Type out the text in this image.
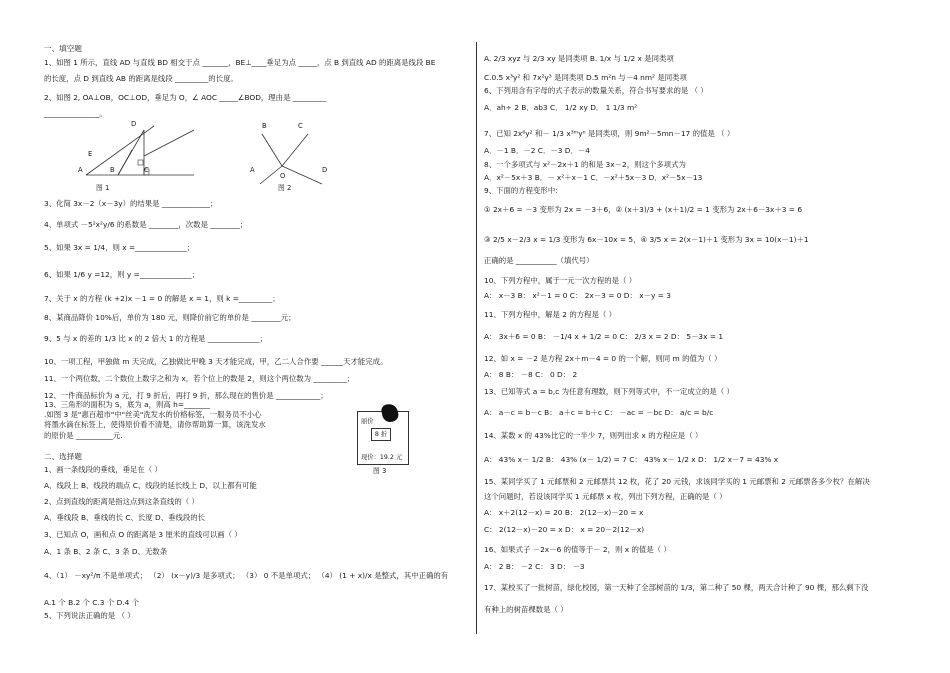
一、填空题
1、如图 1 所示，直线 AD 与直线 BD 相交于点 _______，BE⊥____垂足为点 _____，点 B 到直线 AD 的距离是线段 BE
的长度，点 D 到直线 AB 的距离是线段 _________的长度。
2、如图 2, OA⊥OB，OC⊥OD，垂足为 O，∠ AOC _____∠BOD，理由是 _________
_______________。
D
E
A	B	C
图 1
B	C
A	D
O
图 2
3、化简 3x－2（x－3y）的结果是 _____________；
4、单项式 －5²x²y/6 的系数是 ________，次数是 ________；
5、如果 3x = 1/4，则 x =______________；
6、如果 1/6 y =12，则 y =______________；
7、关于 x 的方程 (k +2)x －1 = 0 的解是 x = 1，则 k =_________；
8、某商品降价 10%后，单价为 180 元，则降价前它的单价是 ________元；
9、5 与 x 的差的 1/3 比 x 的 2 倍大 1 的方程是 ______________；
10、一项工程，甲独做 m 天完成，乙独做比甲晚 3 天才能完成，甲，乙二人合作要 ______天才能完成。
11、一个两位数，二个数位上数字之和为 x，若个位上的数是 2，则这个两位数为 _________；
12、一件商品标价为 a 元，打 9 折后，再打 9 折，那么现在的售价是 ____________；
13、三角形的面积为 S，底为 a，则高 h=_______
.如图 3 是"惠百超市"中"丝美"洗发水的价格标签，一服务员不小心
将墨水滴在标签上，使得原价看不清楚，请你帮助算一算，该洗发水
的原价是 __________元.
二、选择题
1、画一条线段的垂线，垂足在（ ）
A、线段上 B、线段的端点 C、线段的延长线上 D、以上都有可能
2、点到直线的距离是指这点到这条直线的（ ）
A、垂线段 B、垂线的长 C、长度 D、垂线段的长
3、已知点 O，画和点 O 的距离是 3 厘米的直线可以画（ ）
A、1 条 B、2 条 C、3 条 D、无数条
4、（1） －xy²/π 不是单项式； （2） (x－y)/3 是多项式； （3） 0 不是单项式； （4） (1 + x)/x 是整式，其中正确的有
A.1 个 B.2 个 C.3 个 D.4 个
5、下列说法正确的是 （ ）
丽价
8 折
现价：19.2 元
图 3
A. 2/3 xyz 与 2/3 xy 是同类项 B. 1/x 与 1/2 x 是同类项
C.0.5 x³y² 和 7x²y³ 是同类项 D.5 m²n 与－4 nm² 是同类项
6、下列用含有字母的式子表示的数量关系，符合书写要求的是 （ ）
A．ah÷ 2 B．ab3 C． 1/2 xy D． 1 1/3 m²
7、已知 2x⁶y² 和－ 1/3 x³ᵐyⁿ 是同类项，则 9m²－5mn－17 的值是 （ ）
A．－1 B．－2 C．－3 D．－4
8、一个多项式与 x²－2x＋1 的和是 3x－2，则这个多项式为
A．x²－5x＋3 B．－ x²＋x－1 C．－x²＋5x－3 D．x²－5x－13
9、下面的方程变形中:
① 2x＋6 = －3 变形为 2x = －3＋6，② (x＋3)/3 + (x＋1)/2 = 1 变形为 2x＋6－3x＋3 = 6
③ 2/5 x－2/3 x = 1/3 变形为 6x－10x = 5，④ 3/5 x = 2(x－1)＋1 变形为 3x = 10(x－1)＋1
正确的是 ___________（填代号）
10、下列方程中，属于一元一次方程的是（ ）
A： x－3 B： x²－1 = 0 C： 2x－3 = 0 D： x－y = 3
11、下列方程中，解是 2 的方程是（ ）
A： 3x＋6 = 0 B： －1/4 x + 1/2 = 0 C： 2/3 x = 2 D： 5－3x = 1
12、如 x = －2 是方程 2x＋m－4 = 0 的一个解，则同 m 的值为（ ）
A： 8 B： －8 C： 0 D： 2
13、已知等式 a = b,c 为任意有理数，则下列等式中，不一定成立的是（ ）
A： a－c = b－c B： a＋c = b＋c C： －ac = －bc D： a/c = b/c
14、某数 x 的 43%比它的一半少 7，则列出求 x 的方程应是（ ）
A： 43% x－ 1/2 B： 43% (x－ 1/2) = 7 C： 43% x－ 1/2 x D： 1/2 x－7 = 43% x
15、某同学买了 1 元邮票和 2 元邮票共 12 枚，花了 20 元钱，求该同学买的 1 元邮票和 2 元邮票各多少枚？在解决
这个问题时，若设该同学买 1 元邮票 x 枚，列出下列方程，正确的是（ ）
A： x＋2(12－x) = 20 B： 2(12－x)－20 = x
C： 2(12－x)－20 = x D： x = 20－2(12－x)
16、如果式子 －2x－6 的值等于－ 2，则 x 的值是（ ）
A： 2 B： －2 C： 3 D： －3
17、某校买了一批树苗，绿化校园，第一天种了全部树苗的 1/3，第二种了 50 棵，两天合计种了 90 棵，那么剩下没
有种上的树苗棵数是（ ）
